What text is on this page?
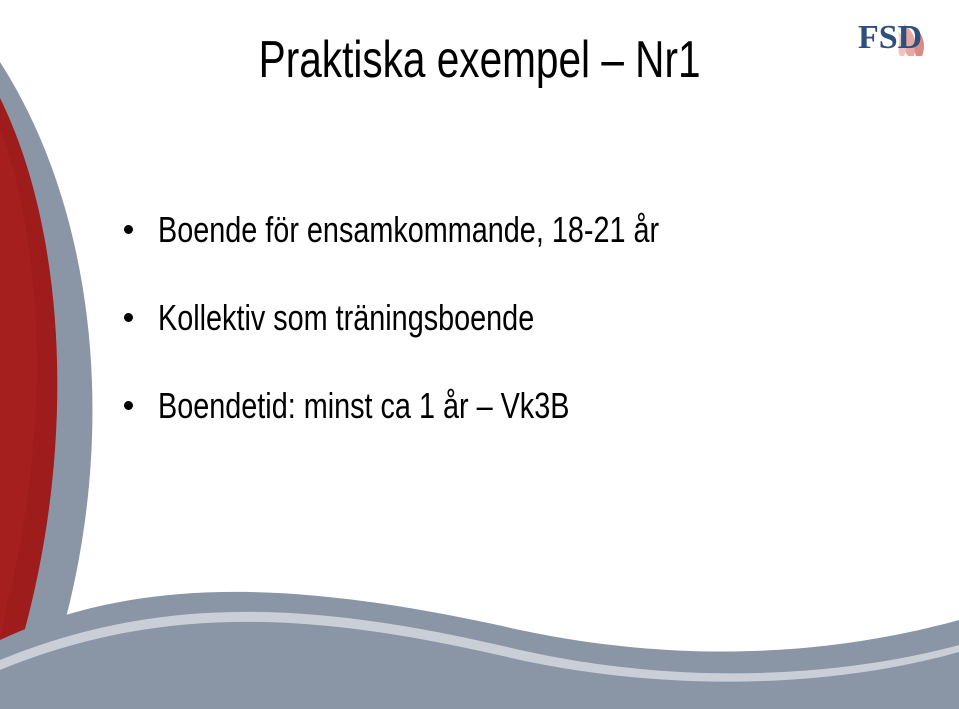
Praktiska exempel – Nr1	FSD
Boende för ensamkommande, 18-21 år
Kollektiv som träningsboende
Boendetid: minst ca 1 år – Vk3B
